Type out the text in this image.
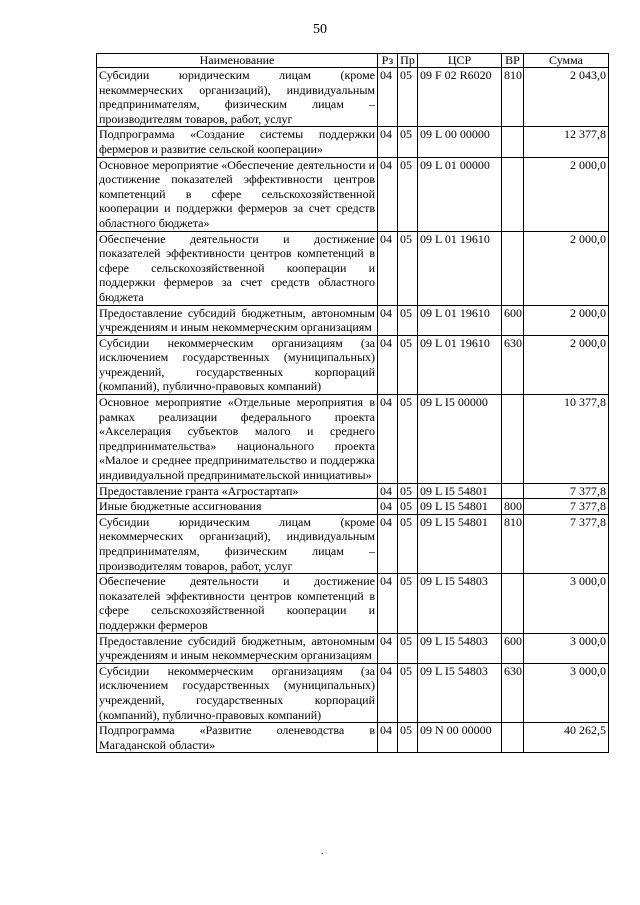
50
Наименование	Рз	Пр	ЦСР	ВР	Сумма
Субсидии юридическим лицам (кроме некоммерческих организаций), индивидуальным предпринимателям, физическим лицам – производителям товаров, работ, услуг	04	05	09 F 02 R6020	810	2 043,0
Подпрограмма «Создание системы поддержки фермеров и развитие сельской кооперации»	04	05	09 L 00 00000		12 377,8
Основное мероприятие «Обеспечение деятельности и достижение показателей эффективности центров компетенций в сфере сельскохозяйственной кооперации и поддержки фермеров за счет средств областного бюджета»	04	05	09 L 01 00000		2 000,0
Обеспечение деятельности и достижение показателей эффективности центров компетенций в сфере сельскохозяйственной кооперации и поддержки фермеров за счет средств областного бюджета	04	05	09 L 01 19610		2 000,0
Предоставление субсидий бюджетным, автономным учреждениям и иным некоммерческим организациям	04	05	09 L 01 19610	600	2 000,0
Субсидии некоммерческим организациям (за исключением государственных (муниципальных) учреждений, государственных корпораций (компаний), публично-правовых компаний)	04	05	09 L 01 19610	630	2 000,0
Основное мероприятие «Отдельные мероприятия в рамках реализации федерального проекта «Акселерация субъектов малого и среднего предпринимательства» национального проекта «Малое и среднее предпринимательство и поддержка индивидуальной предпринимательской инициативы»	04	05	09 L I5 00000		10 377,8
Предоставление гранта «Агростартап»	04	05	09 L I5 54801		7 377,8
Иные бюджетные ассигнования	04	05	09 L I5 54801	800	7 377,8
Субсидии юридическим лицам (кроме некоммерческих организаций), индивидуальным предпринимателям, физическим лицам – производителям товаров, работ, услуг	04	05	09 L I5 54801	810	7 377,8
Обеспечение деятельности и достижение показателей эффективности центров компетенций в сфере сельскохозяйственной кооперации и поддержки фермеров	04	05	09 L I5 54803		3 000,0
Предоставление субсидий бюджетным, автономным учреждениям и иным некоммерческим организациям	04	05	09 L I5 54803	600	3 000,0
Субсидии некоммерческим организациям (за исключением государственных (муниципальных) учреждений, государственных корпораций (компаний), публично-правовых компаний)	04	05	09 L I5 54803	630	3 000,0
Подпрограмма «Развитие оленеводства в Магаданской области»	04	05	09 N 00 00000		40 262,5
.
